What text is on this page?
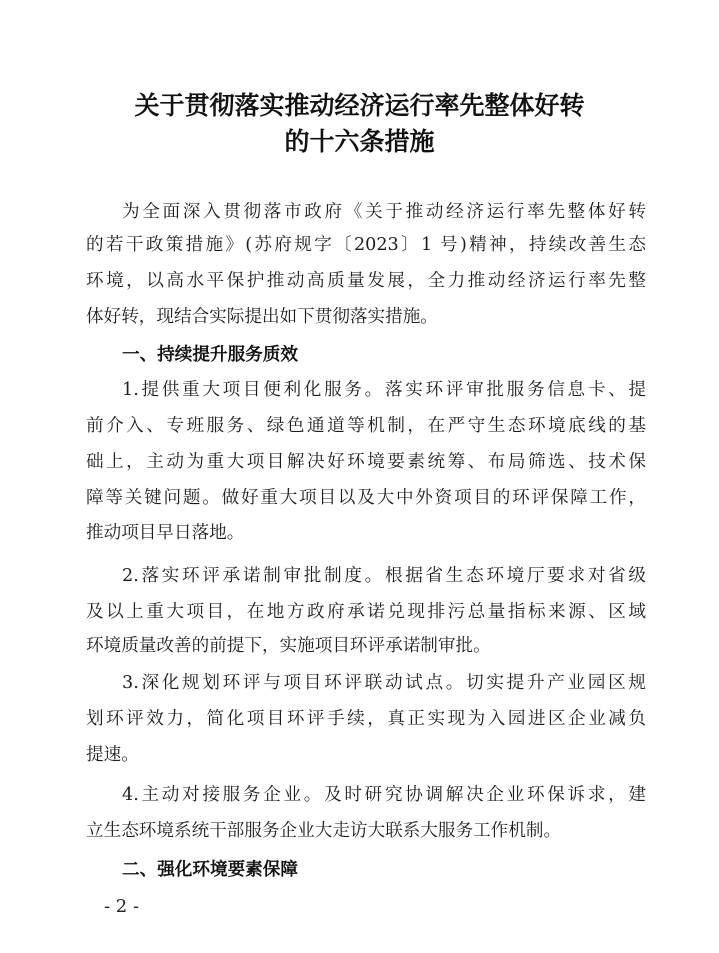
关于贯彻落实推动经济运行率先整体好转
的十六条措施
为全面深入贯彻落市政府《关于推动经济运行率先整体好转
的若干政策措施》(苏府规字〔2023〕1 号)精神，持续改善生态
环境，以高水平保护推动高质量发展，全力推动经济运行率先整
体好转，现结合实际提出如下贯彻落实措施。
一、持续提升服务质效
1.提供重大项目便利化服务。落实环评审批服务信息卡、提
前介入、专班服务、绿色通道等机制，在严守生态环境底线的基
础上，主动为重大项目解决好环境要素统筹、布局筛选、技术保
障等关键问题。做好重大项目以及大中外资项目的环评保障工作，
推动项目早日落地。
2.落实环评承诺制审批制度。根据省生态环境厅要求对省级
及以上重大项目，在地方政府承诺兑现排污总量指标来源、区域
环境质量改善的前提下，实施项目环评承诺制审批。
3.深化规划环评与项目环评联动试点。切实提升产业园区规
划环评效力，简化项目环评手续，真正实现为入园进区企业减负
提速。
4.主动对接服务企业。及时研究协调解决企业环保诉求，建
立生态环境系统干部服务企业大走访大联系大服务工作机制。
二、强化环境要素保障
- 2 -
